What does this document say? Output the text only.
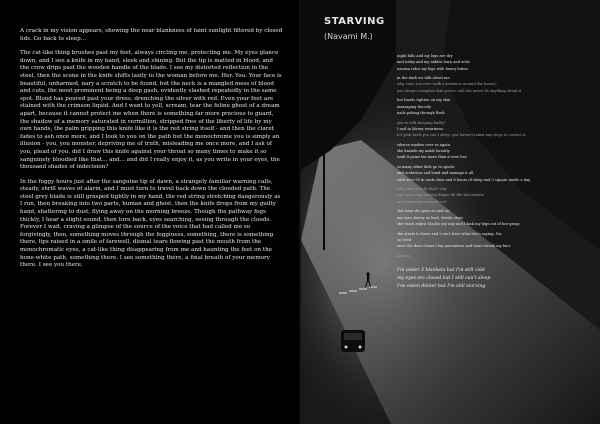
A crack in my vision appears, showing the near blankness of faint sunlight filtered by closed lids. Go back to sleep...

The cat-like thing brushes past my feet, always circling me, protecting me. My eyes glance down, and I see a knife in my hand, sleek and shining. But the tip is matted in blood, and the crow drips past the wooden handle of the blade. I see my distorted reflection in the steel, then the scene in the knife shifts lazily to the woman before me. Her. You. Your face is beautiful, unharmed, nary a scratch to be found, but the neck is a mangled mess of blood and cuts, the most prominent being a deep gash, evidently slashed repeatedly in the same spot. Blood has poured past your dress, drenching the silver with red. Even your feet are stained with the crimson liquid. And I want to yell, scream, tear the feline ghost of a dream apart, because it cannot protect me when there is something far more precious to guard, the shadow of a memory saturated in vermillion, stripped free of the liberty of life by my own hands, the palm gripping this knife like it is the red string itself - and then the claret fades to ash once more, and I look to you on the path but the monochrome you is simply an illusion - you, you monster, depriving me of truth, misleading me once more, and I ask of you, plead of you, did I draw this knife against your throat so many times to make it so sanguinely bloodied like that... and... and did I really enjoy it, as you write in your eyes, the thousand shades of indecision?

In the foggy hours just after the sanguine tip of dawn, a strangely familiar warning calls, steady, shrill waves of alarm, and I must turn to travel back down the clouded path. The steel grey blade is still grasped tightly in my hand, the red string stretching dangerously as I run, then breaking into two parts, human and ghost, then the knife drops from my guilty hand, shattering to dust, flying away on the morning breeze. Though the pathway fogs thickly, I hear a slight sound, then turn back, eyes searching, seeing through the clouds. Forever I wait, craving a glimpse of the source of the voice that had called me so forgivingly, then, something moves through the fogginess, something, there is something there, lips raised in a smile of farewell, dismal tears flowing past the mouth from the monochromatic eyes, a cat-like thing disappearing from me and haunting the feet on the bone-white path, something there. I see something there, a final breath of your memory there. I see you there.

STARVING
(Navami M.)
night falls and my legs are dry
and today and my ankles burn and ache
nausea rules my legs with heavy lotion
in the dark we talk about me.
why can't you ever walk a sentence around the house?
you always complain that you're cold but never do anything about it
her hands tighten on my skin
massaging fiercely
nails poking through flesh
you're still sleeping badly?
I nod in bleary weariness.
it's your fault you can't sleep. you haven't taken any steps to correct it.
silence washes over us again.
she kneads my ankle harshly
until it pains far more than it ever has
so many other kids go to sports
and orchestra and band and manage it all
with over 95 in each class and 8 hours of sleep and 3 square meals a day
why can't you do that? why
can't you stop leaving things till the last minute
and removing yourself out?
this time she goes on and on
my eyes, heavy as lead, slowly close
she reads rubric blades my way and I kick my legs out of her grasp
she starts to leave and I can't hear what she's saying, I'm
so tired
once the door closes I lay motionless and tears streak my face
nausea
I'm under 5 blankets but I'm still cold
my eyes are closed but I still can't sleep
I've eaten dinner but I'm still starving
